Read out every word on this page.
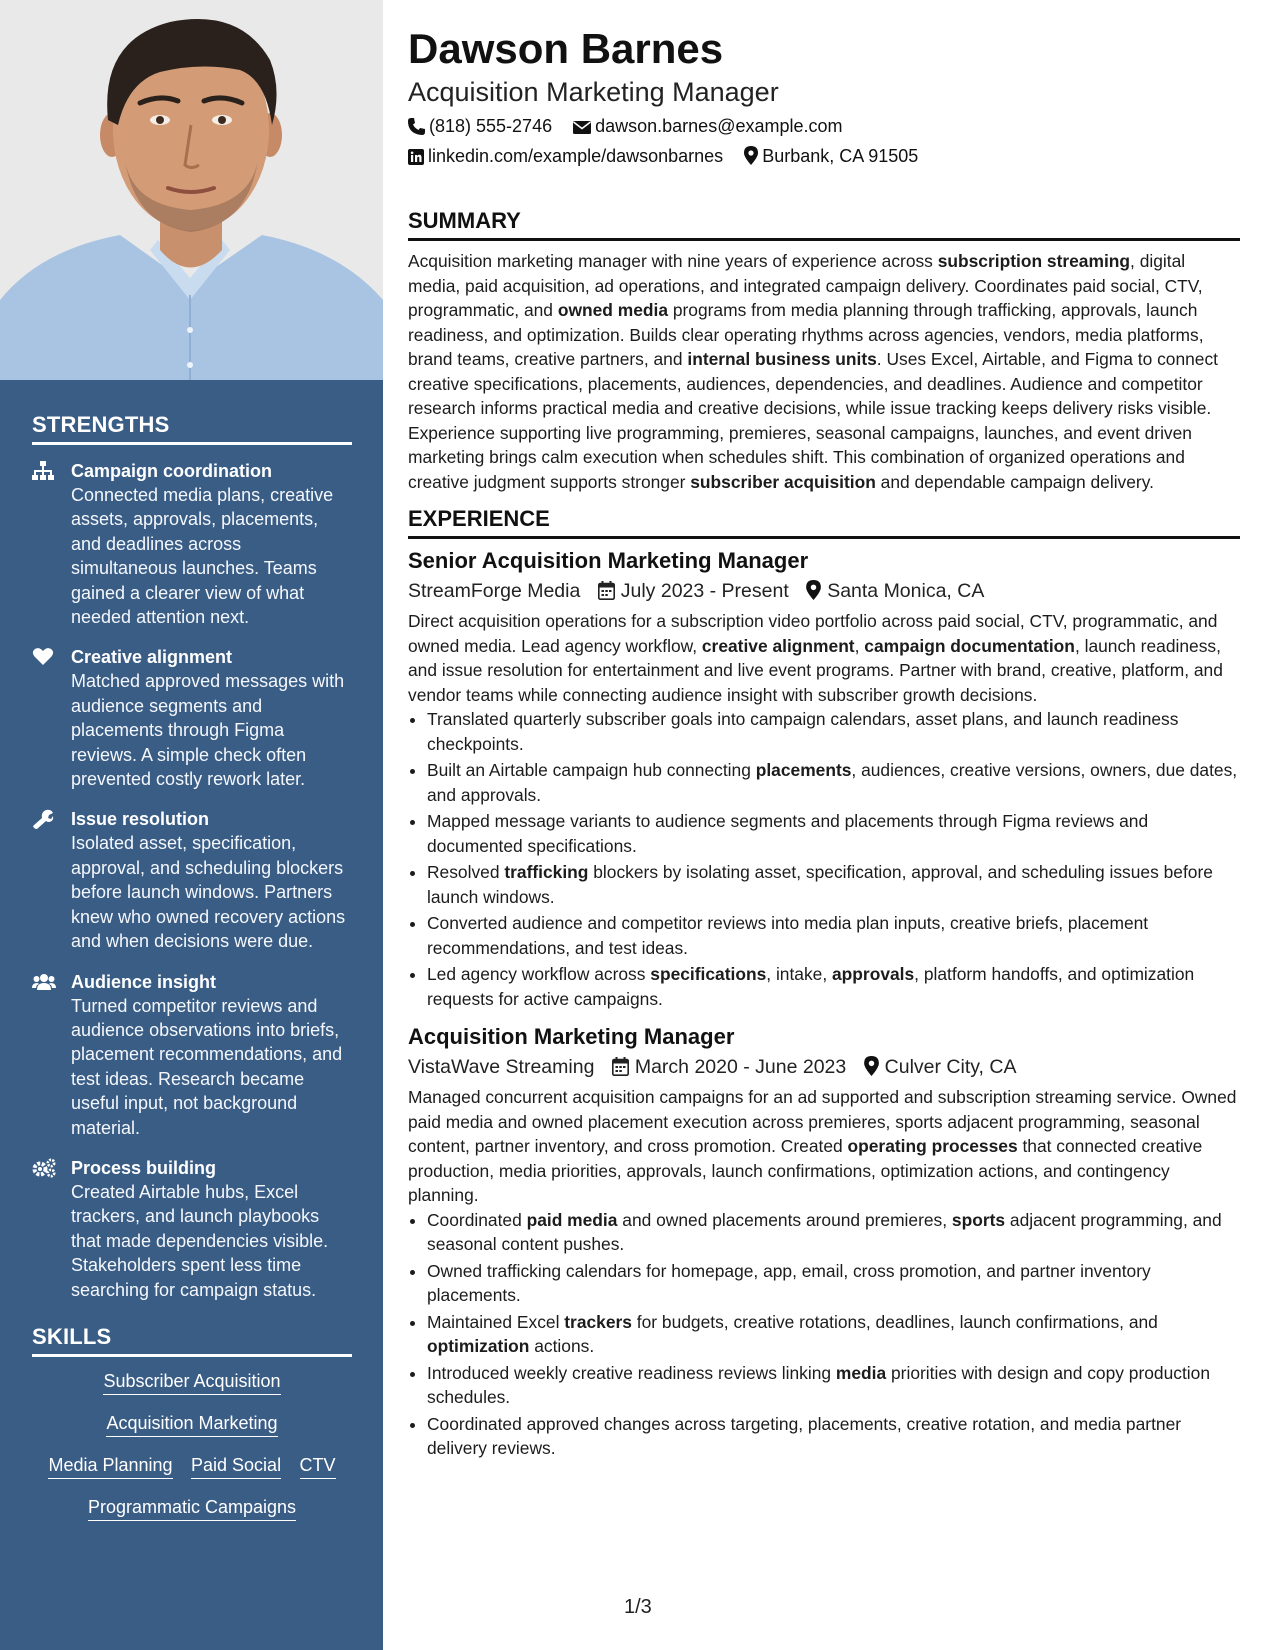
STRENGTHS
Campaign coordination
Connected media plans, creative assets, approvals, placements, and deadlines across simultaneous launches. Teams gained a clearer view of what needed attention next.
Creative alignment
Matched approved messages with audience segments and placements through Figma reviews. A simple check often prevented costly rework later.
Issue resolution
Isolated asset, specification, approval, and scheduling blockers before launch windows. Partners knew who owned recovery actions and when decisions were due.
Audience insight
Turned competitor reviews and audience observations into briefs, placement recommendations, and test ideas. Research became useful input, not background material.
Process building
Created Airtable hubs, Excel trackers, and launch playbooks that made dependencies visible. Stakeholders spent less time searching for campaign status.
SKILLS
Subscriber Acquisition
Acquisition Marketing
Media Planning Paid Social CTV
Programmatic Campaigns
Dawson Barnes
Acquisition Marketing Manager
(818) 555-2746 dawson.barnes@example.com
linkedin.com/example/dawsonbarnes Burbank, CA 91505
SUMMARY
Acquisition marketing manager with nine years of experience across subscription streaming, digital media, paid acquisition, ad operations, and integrated campaign delivery. Coordinates paid social, CTV, programmatic, and owned media programs from media planning through trafficking, approvals, launch readiness, and optimization. Builds clear operating rhythms across agencies, vendors, media platforms, brand teams, creative partners, and internal business units. Uses Excel, Airtable, and Figma to connect creative specifications, placements, audiences, dependencies, and deadlines. Audience and competitor research informs practical media and creative decisions, while issue tracking keeps delivery risks visible. Experience supporting live programming, premieres, seasonal campaigns, launches, and event driven marketing brings calm execution when schedules shift. This combination of organized operations and creative judgment supports stronger subscriber acquisition and dependable campaign delivery.
EXPERIENCE
Senior Acquisition Marketing Manager
StreamForge Media July 2023 - Present Santa Monica, CA
Direct acquisition operations for a subscription video portfolio across paid social, CTV, programmatic, and owned media. Lead agency workflow, creative alignment, campaign documentation, launch readiness, and issue resolution for entertainment and live event programs. Partner with brand, creative, platform, and vendor teams while connecting audience insight with subscriber growth decisions.
• Translated quarterly subscriber goals into campaign calendars, asset plans, and launch readiness checkpoints.
• Built an Airtable campaign hub connecting placements, audiences, creative versions, owners, due dates, and approvals.
• Mapped message variants to audience segments and placements through Figma reviews and documented specifications.
• Resolved trafficking blockers by isolating asset, specification, approval, and scheduling issues before launch windows.
• Converted audience and competitor reviews into media plan inputs, creative briefs, placement recommendations, and test ideas.
• Led agency workflow across specifications, intake, approvals, platform handoffs, and optimization requests for active campaigns.
Acquisition Marketing Manager
VistaWave Streaming March 2020 - June 2023 Culver City, CA
Managed concurrent acquisition campaigns for an ad supported and subscription streaming service. Owned paid media and owned placement execution across premieres, sports adjacent programming, seasonal content, partner inventory, and cross promotion. Created operating processes that connected creative production, media priorities, approvals, launch confirmations, optimization actions, and contingency planning.
• Coordinated paid media and owned placements around premieres, sports adjacent programming, and seasonal content pushes.
• Owned trafficking calendars for homepage, app, email, cross promotion, and partner inventory placements.
• Maintained Excel trackers for budgets, creative rotations, deadlines, launch confirmations, and optimization actions.
• Introduced weekly creative readiness reviews linking media priorities with design and copy production schedules.
• Coordinated approved changes across targeting, placements, creative rotation, and media partner delivery reviews.
1/3
